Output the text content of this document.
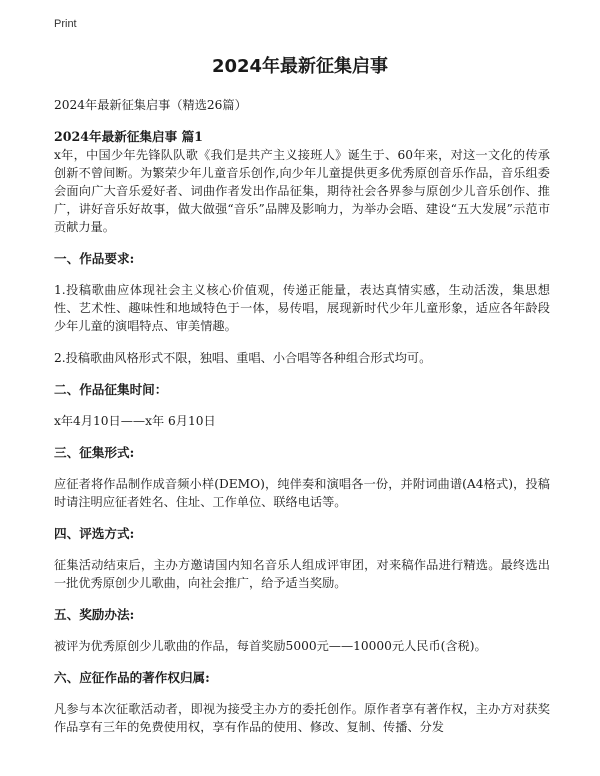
Print
2024年最新征集启事

2024年最新征集启事（精选26篇）

2024年最新征集启事 篇1

x年，中国少年先锋队队歌《我们是共产主义接班人》诞生于、60年来，对这一文化的传承创新不曾间断。为繁荣少年儿童音乐创作,向少年儿童提供更多优秀原创音乐作品，音乐组委会面向广大音乐爱好者、词曲作者发出作品征集，期待社会各界参与原创少儿音乐创作、推广，讲好音乐好故事，做大做强“音乐”品牌及影响力，为举办会晤、建设“五大发展”示范市贡献力量。

一、作品要求:

1.投稿歌曲应体现社会主义核心价值观，传递正能量，表达真情实感，生动活泼，集思想性、艺术性、趣味性和地域特色于一体，易传唱，展现新时代少年儿童形象，适应各年龄段少年儿童的演唱特点、审美情趣。

2.投稿歌曲风格形式不限，独唱、重唱、小合唱等各种组合形式均可。

二、作品征集时间：

x年4月10日——x年 6月10日

三、征集形式:

应征者将作品制作成音频小样(DEMO)，纯伴奏和演唱各一份，并附词曲谱(A4格式)，投稿时请注明应征者姓名、住址、工作单位、联络电话等。

四、评选方式:

征集活动结束后，主办方邀请国内知名音乐人组成评审团，对来稿作品进行精选。最终选出一批优秀原创少儿歌曲，向社会推广，给予适当奖励。

五、奖励办法:

被评为优秀原创少儿歌曲的作品，每首奖励5000元——10000元人民币(含税)。

六、应征作品的著作权归属:

凡参与本次征歌活动者，即视为接受主办方的委托创作。原作者享有著作权，主办方对获奖作品享有三年的免费使用权，享有作品的使用、修改、复制、传播、分发
